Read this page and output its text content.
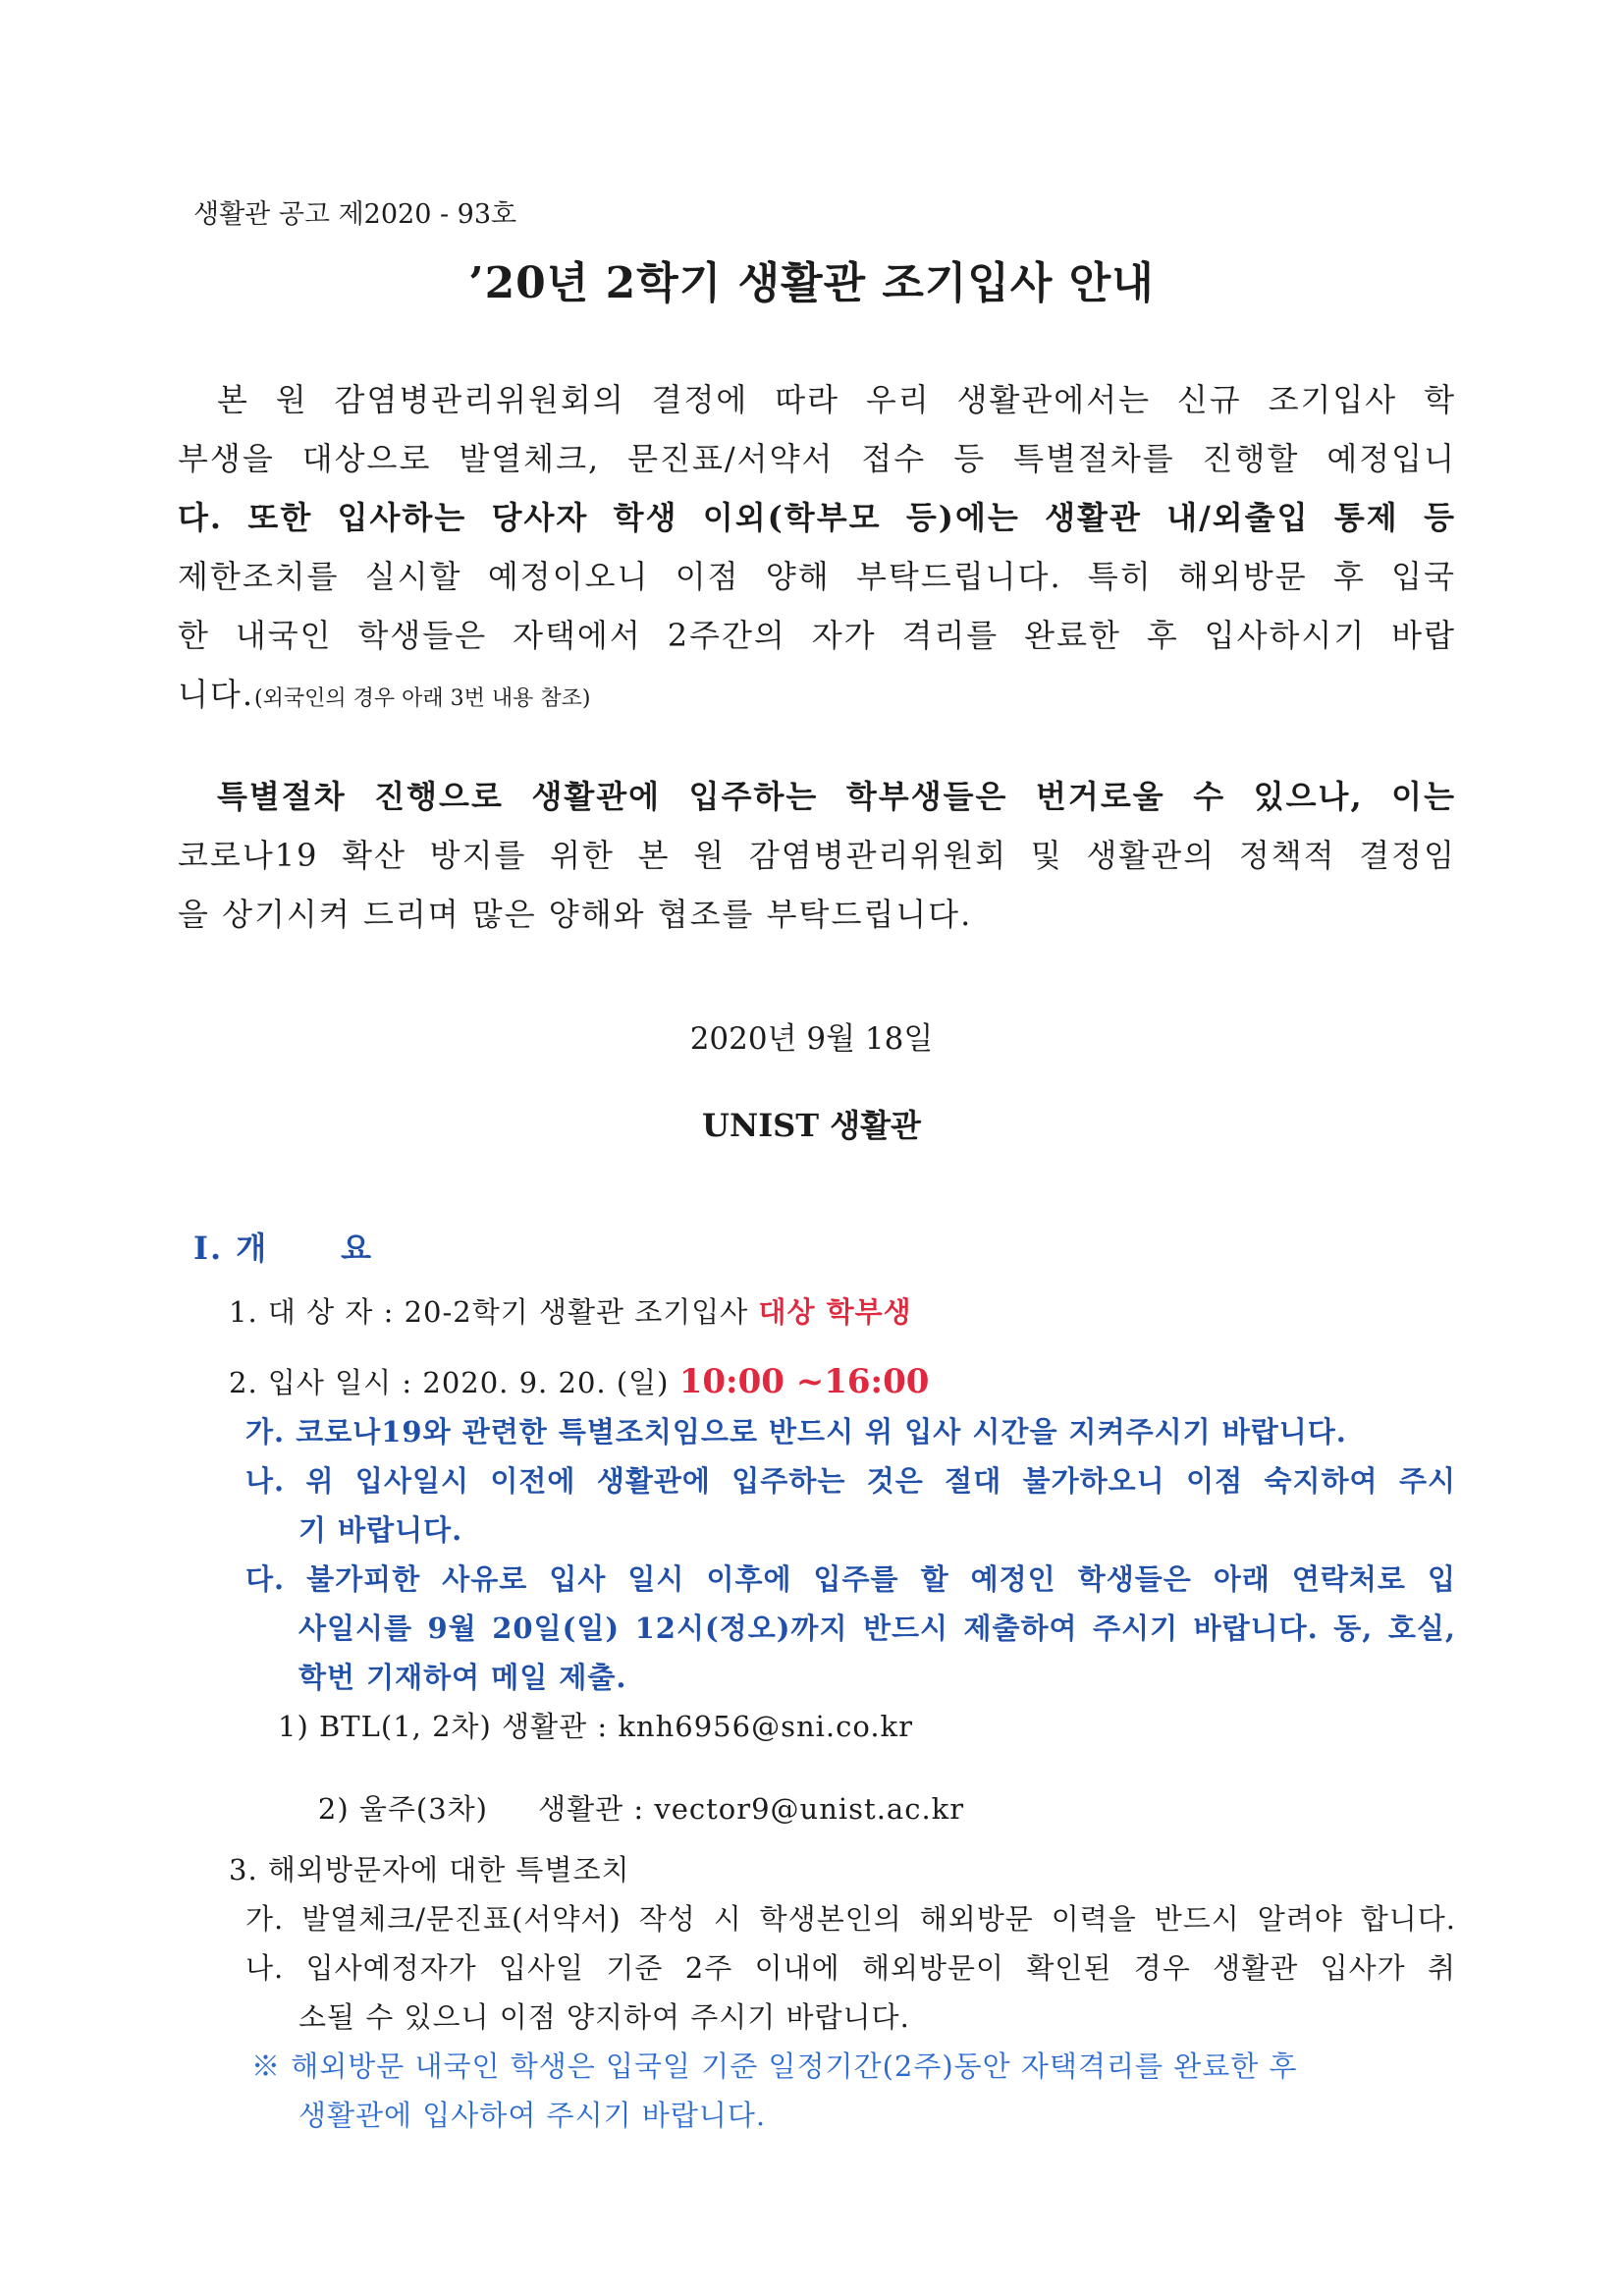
생활관 공고 제2020 - 93호
’20년 2학기 생활관 조기입사 안내
본 원 감염병관리위원회의 결정에 따라 우리 생활관에서는 신규 조기입사 학
부생을 대상으로 발열체크, 문진표/서약서 접수 등 특별절차를 진행할 예정입니
다. 또한 입사하는 당사자 학생 이외(학부모 등)에는 생활관 내/외출입 통제 등
제한조치를 실시할 예정이오니 이점 양해 부탁드립니다. 특히 해외방문 후 입국
한 내국인 학생들은 자택에서 2주간의 자가 격리를 완료한 후 입사하시기 바랍
니다.(외국인의 경우 아래 3번 내용 참조)
특별절차 진행으로 생활관에 입주하는 학부생들은 번거로울 수 있으나, 이는
코로나19 확산 방지를 위한 본 원 감염병관리위원회 및 생활관의 정책적 결정임
을 상기시켜 드리며 많은 양해와 협조를 부탁드립니다.
2020년 9월 18일
UNIST 생활관
Ⅰ. 개 요
1. 대 상 자 : 20-2학기 생활관 조기입사 대상 학부생
2. 입사 일시 : 2020. 9. 20. (일) 10:00 ~16:00
가. 코로나19와 관련한 특별조치임으로 반드시 위 입사 시간을 지켜주시기 바랍니다.
나. 위 입사일시 이전에 생활관에 입주하는 것은 절대 불가하오니 이점 숙지하여 주시
기 바랍니다.
다. 불가피한 사유로 입사 일시 이후에 입주를 할 예정인 학생들은 아래 연락처로 입
사일시를 9월 20일(일) 12시(정오)까지 반드시 제출하여 주시기 바랍니다. 동, 호실,
학번 기재하여 메일 제출.
1) BTL(1, 2차) 생활관 : knh6956@sni.co.kr

2) 울주(3차)     생활관 : vector9@unist.ac.kr

3. 해외방문자에 대한 특별조치
가. 발열체크/문진표(서약서) 작성 시 학생본인의 해외방문 이력을 반드시 알려야 합니다.
나. 입사예정자가 입사일 기준 2주 이내에 해외방문이 확인된 경우 생활관 입사가 취
소될 수 있으니 이점 양지하여 주시기 바랍니다.
※ 해외방문 내국인 학생은 입국일 기준 일정기간(2주)동안 자택격리를 완료한 후
생활관에 입사하여 주시기 바랍니다.
